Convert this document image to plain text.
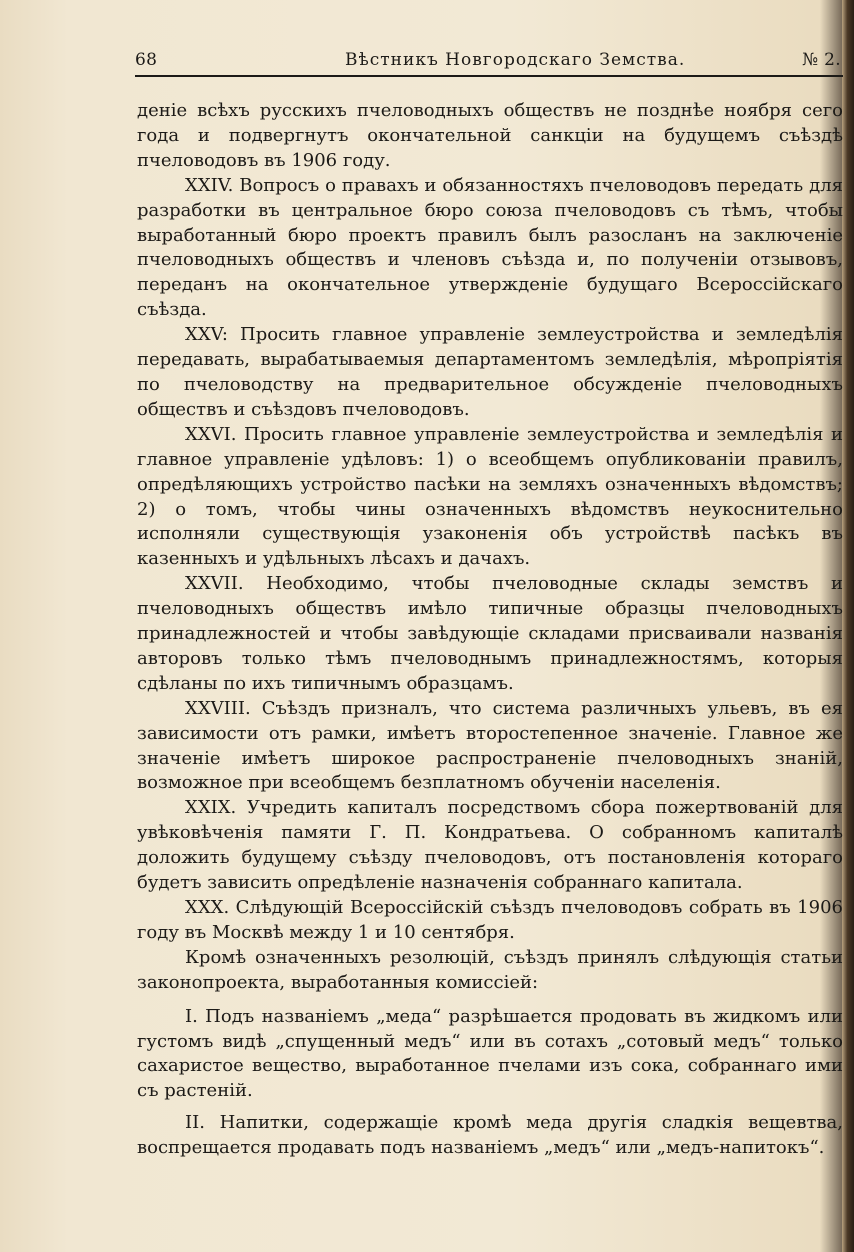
68	Вѣстникъ Новгородскаго Земства.	№ 2.

деніе всѣхъ русскихъ пчеловодныхъ обществъ не позднѣе ноября сего года и подвергнутъ окончательной санкціи на будущемъ съѣздѣ пчеловодовъ въ 1906 году.

XXIV. Вопросъ о правахъ и обязанностяхъ пчеловодовъ передать для разработки въ центральное бюро союза пчеловодовъ съ тѣмъ, чтобы выработанный бюро проектъ правилъ былъ разосланъ на заключеніе пчеловодныхъ обществъ и членовъ съѣзда и, по полученіи отзывовъ, переданъ на окончательное утвержденіе будущаго Всероссійскаго съѣзда.

XXV: Просить главное управленіе землеустройства и земледѣлія передавать, вырабатываемыя департаментомъ земледѣлія, мѣропріятія по пчеловодству на предварительное обсужденіе пчеловодныхъ обществъ и съѣздовъ пчеловодовъ.

XXVI. Просить главное управленіе землеустройства и земледѣлія и главное управленіе удѣловъ: 1) о всеобщемъ опубликованіи правилъ, опредѣляющихъ устройство пасѣки на земляхъ означенныхъ вѣдомствъ; 2) о томъ, чтобы чины означенныхъ вѣдомствъ неукоснительно исполняли существующія узаконенія объ устройствѣ пасѣкъ въ казенныхъ и удѣльныхъ лѣсахъ и дачахъ.

XXVII. Необходимо, чтобы пчеловодные склады земствъ и пчеловодныхъ обществъ имѣло типичные образцы пчеловодныхъ принадлежностей и чтобы завѣдующіе складами присваивали названія авторовъ только тѣмъ пчеловоднымъ принадлежностямъ, которыя сдѣланы по ихъ типичнымъ образцамъ.

XXVIII. Съѣздъ призналъ, что система различныхъ ульевъ, въ ея зависимости отъ рамки, имѣетъ второстепенное значеніе. Главное же значеніе имѣетъ широкое распространеніе пчеловодныхъ знаній, возможное при всеобщемъ безплатномъ обученіи населенія.

XXIX. Учредить капиталъ посредствомъ сбора пожертвованій для увѣковѣченія памяти Г. П. Кондратьева. О собранномъ капиталѣ доложить будущему съѣзду пчеловодовъ, отъ постановленія котораго будетъ зависить опредѣленіе назначенія собраннаго капитала.

XXX. Слѣдующій Всероссійскій съѣздъ пчеловодовъ собрать въ 1906 году въ Москвѣ между 1 и 10 сентября.

Кромѣ означенныхъ резолюцій, съѣздъ принялъ слѣдующія статьи законопроекта, выработанныя комисcіей:

I. Подъ названіемъ „меда“ разрѣшается продовать въ жидкомъ или густомъ видѣ „спущенный медъ“ или въ сотахъ „сотовый медъ“ только сахаристое вещество, выработанное пчелами изъ сока, собраннаго ими съ растеній.

II. Напитки, содержащіе кромѣ меда другія сладкія вещевтва, воспрещается продавать подъ названіемъ „медъ“ или „медъ-напитокъ“.
